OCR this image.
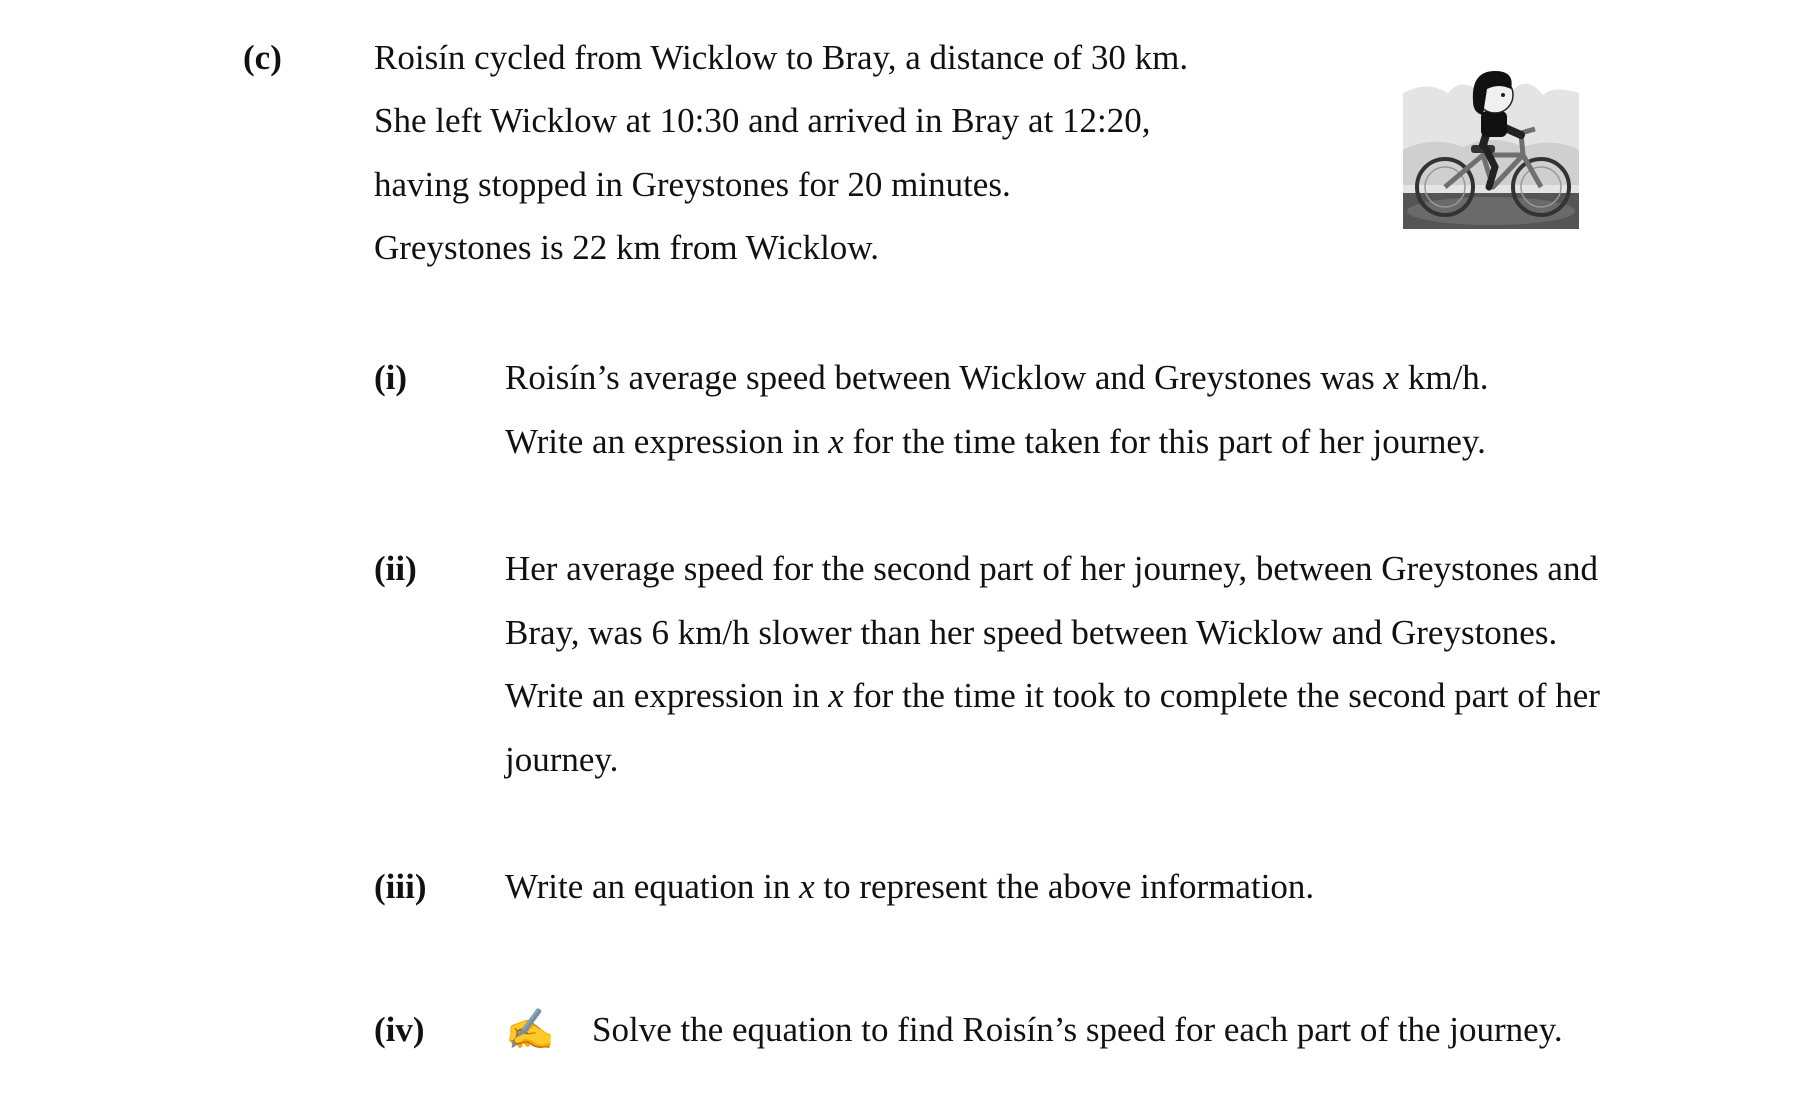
(c)	Roisín cycled from Wicklow to Bray, a distance of 30 km.
She left Wicklow at 10:30 and arrived in Bray at 12:20,
having stopped in Greystones for 20 minutes.
Greystones is 22 km from Wicklow.
(i)	Roisín’s average speed between Wicklow and Greystones was x km/h.
Write an expression in x for the time taken for this part of her journey.
(ii)	Her average speed for the second part of her journey, between Greystones and
Bray, was 6 km/h slower than her speed between Wicklow and Greystones.
Write an expression in x for the time it took to complete the second part of her
journey.
(iii) Write an equation in x to represent the above information.
(iv) ✍ Solve the equation to find Roisín’s speed for each part of the journey.
